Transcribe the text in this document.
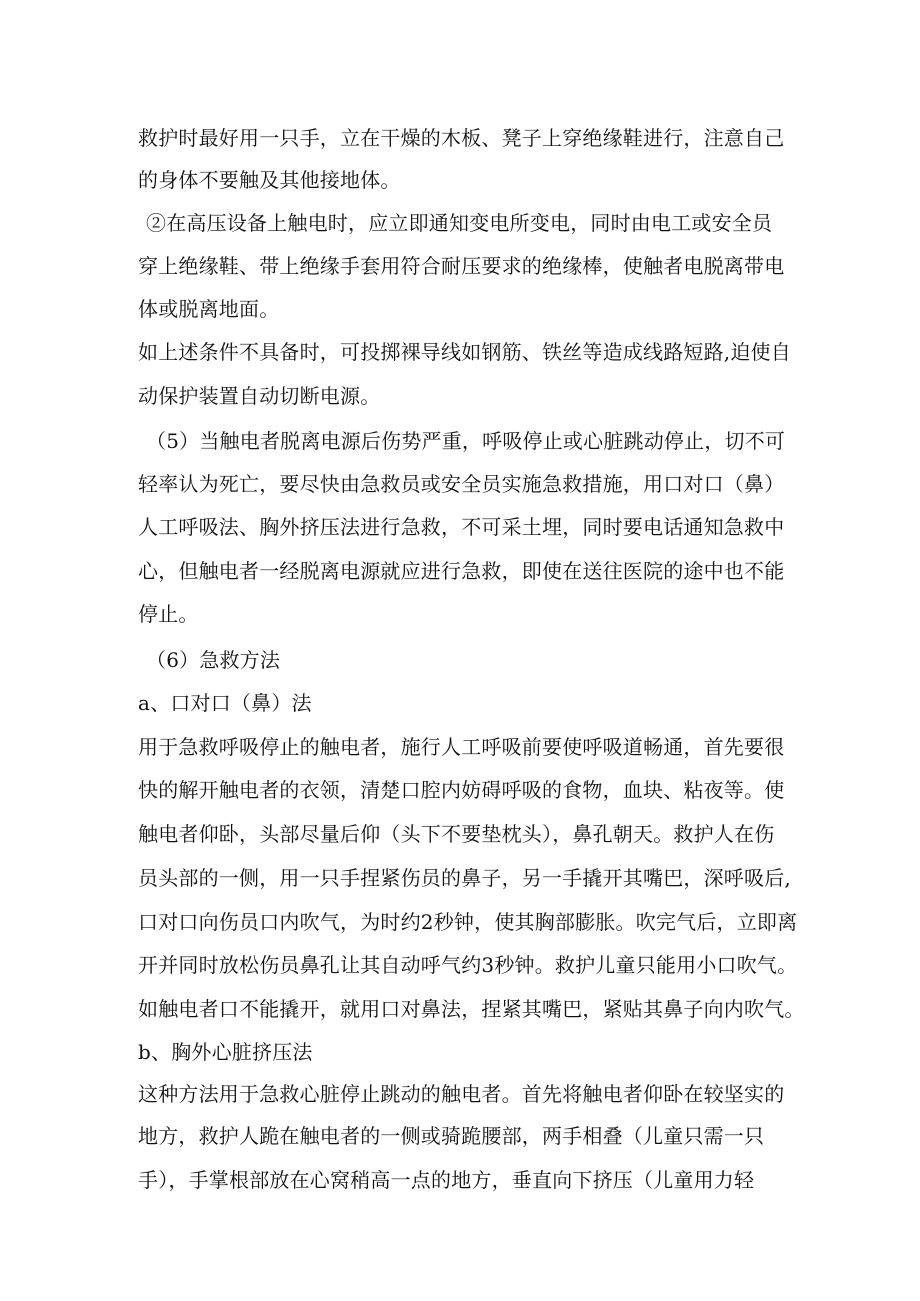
救护时最好用一只手，立在干燥的木板、凳子上穿绝缘鞋进行，注意自己
的身体不要触及其他接地体。
②在高压设备上触电时，应立即通知变电所变电，同时由电工或安全员
穿上绝缘鞋、带上绝缘手套用符合耐压要求的绝缘棒，使触者电脱离带电
体或脱离地面。
如上述条件不具备时，可投掷裸导线如钢筋、铁丝等造成线路短路,迫使自
动保护装置自动切断电源。
（5）当触电者脱离电源后伤势严重，呼吸停止或心脏跳动停止，切不可
轻率认为死亡，要尽快由急救员或安全员实施急救措施，用口对口（鼻）
人工呼吸法、胸外挤压法进行急救，不可采土埋，同时要电话通知急救中
心，但触电者一经脱离电源就应进行急救，即使在送往医院的途中也不能
停止。
（6）急救方法
a、口对口（鼻）法
用于急救呼吸停止的触电者，施行人工呼吸前要使呼吸道畅通，首先要很
快的解开触电者的衣领，清楚口腔内妨碍呼吸的食物，血块、粘夜等。使
触电者仰卧，头部尽量后仰（头下不要垫枕头），鼻孔朝天。救护人在伤
员头部的一侧，用一只手捏紧伤员的鼻子，另一手撬开其嘴巴，深呼吸后,
口对口向伤员口内吹气，为时约2秒钟，使其胸部膨胀。吹完气后，立即离
开并同时放松伤员鼻孔让其自动呼气约3秒钟。救护儿童只能用小口吹气。
如触电者口不能撬开，就用口对鼻法，捏紧其嘴巴，紧贴其鼻子向内吹气。
b、胸外心脏挤压法
这种方法用于急救心脏停止跳动的触电者。首先将触电者仰卧在较坚实的
地方，救护人跪在触电者的一侧或骑跪腰部，两手相叠（儿童只需一只
手），手掌根部放在心窝稍高一点的地方，垂直向下挤压（儿童用力轻
